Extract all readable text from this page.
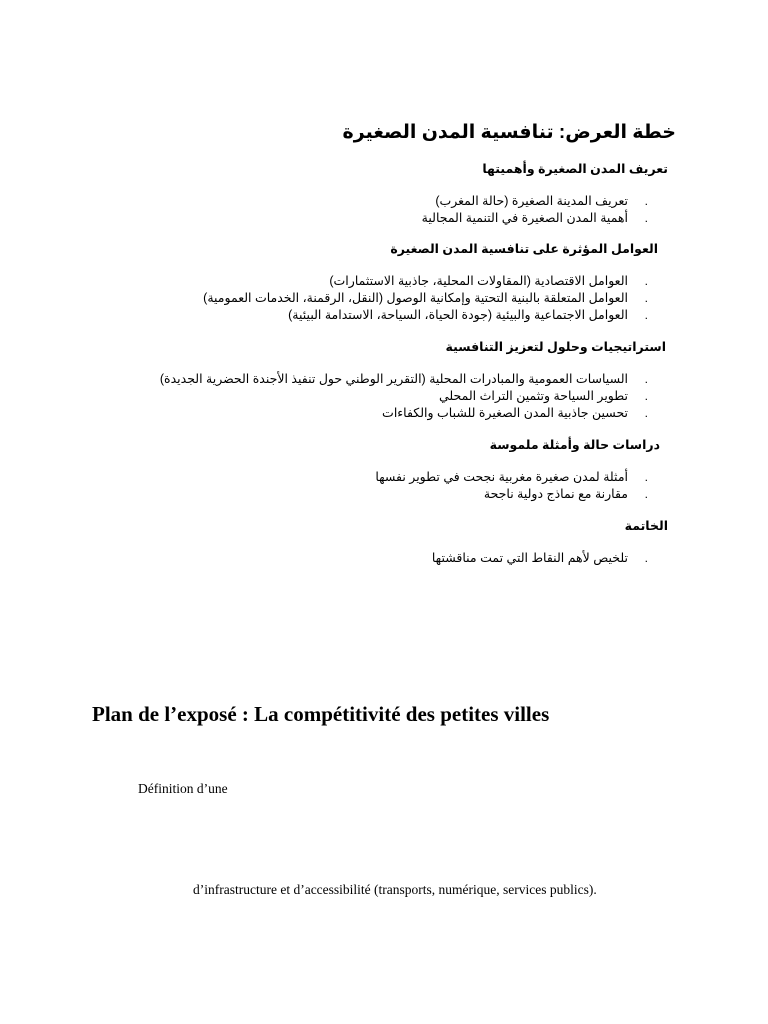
خطة العرض: تنافسية المدن الصغيرة
تعريف المدن الصغيرة وأهميتها
.
تعريف المدينة الصغيرة (حالة المغرب)
.
أهمية المدن الصغيرة في التنمية المجالية
العوامل المؤثرة على تنافسية المدن الصغيرة
.
العوامل الاقتصادية (المقاولات المحلية، جاذبية الاستثمارات)
.
العوامل المتعلقة بالبنية التحتية وإمكانية الوصول (النقل، الرقمنة، الخدمات العمومية)
.
العوامل الاجتماعية والبيئية (جودة الحياة، السياحة، الاستدامة البيئية)
استراتيجيات وحلول لتعزيز التنافسية
.
السياسات العمومية والمبادرات المحلية (التقرير الوطني حول تنفيذ الأجندة الحضرية الجديدة)
.
تطوير السياحة وتثمين التراث المحلي
.
تحسين جاذبية المدن الصغيرة للشباب والكفاءات
دراسات حالة وأمثلة ملموسة
.
أمثلة لمدن صغيرة مغربية نجحت في تطوير نفسها
.
مقارنة مع نماذج دولية ناجحة
الخاتمة
.
تلخيص لأهم النقاط التي تمت مناقشتها
Plan de l’exposé : La compétitivité des petites villes
Définition d’une
d’infrastructure et d’accessibilité (transports, numérique, services publics).
